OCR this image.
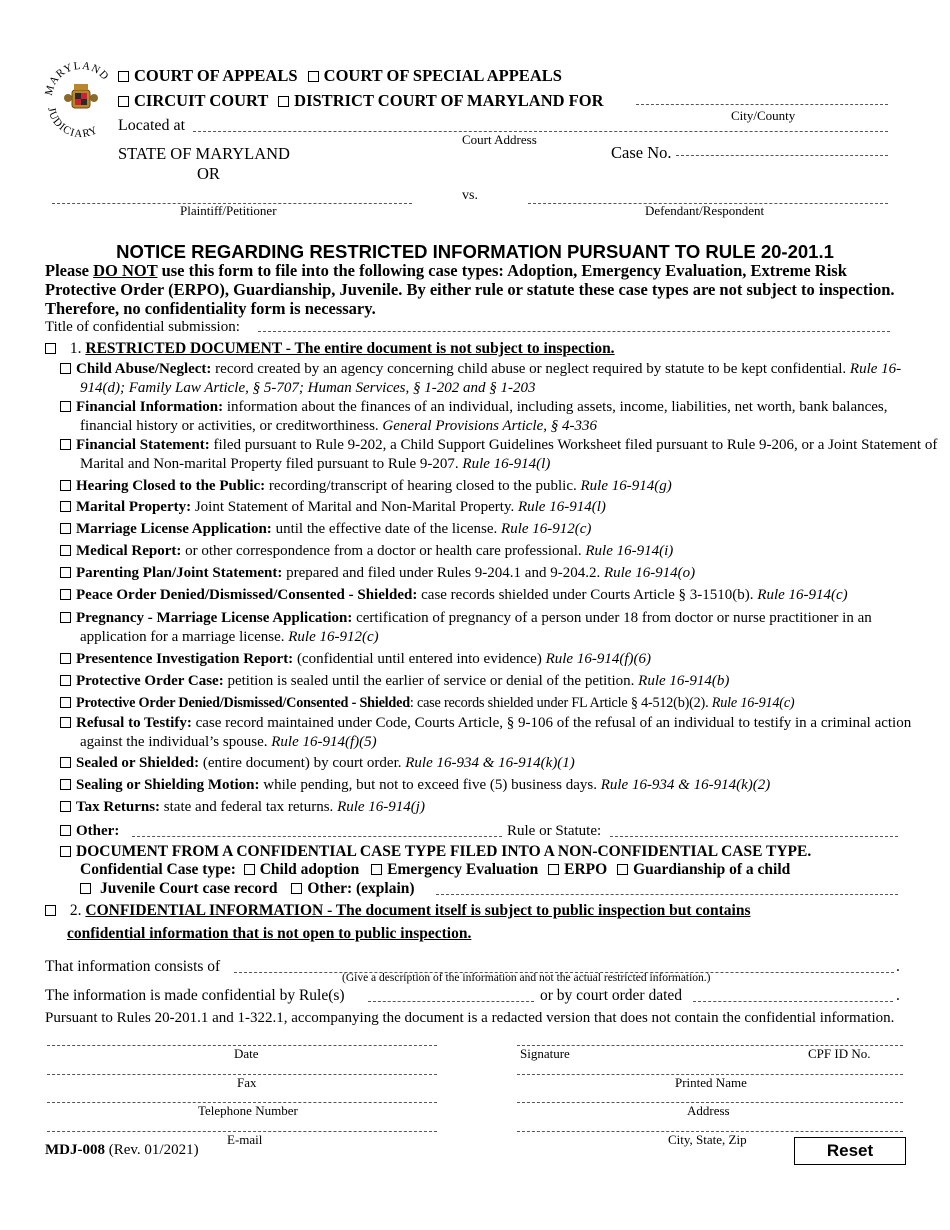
MARYLAND
JUDICIARY
COURT OF APPEALS COURT OF SPECIAL APPEALS
CIRCUIT COURT DISTRICT COURT OF MARYLAND FOR
City/County
Located at
Court Address
STATE OF MARYLAND
OR
Case No.
Plaintiff/Petitioner
vs.
Defendant/Respondent
NOTICE REGARDING RESTRICTED INFORMATION PURSUANT TO RULE 20-201.1
Please DO NOT use this form to file into the following case types: Adoption, Emergency Evaluation, Extreme Risk Protective Order (ERPO), Guardianship, Juvenile. By either rule or statute these case types are not subject to inspection. Therefore, no confidentiality form is necessary.
Title of confidential submission:
1. RESTRICTED DOCUMENT - The entire document is not subject to inspection.
Child Abuse/Neglect: record created by an agency concerning child abuse or neglect required by statute to be kept confidential. Rule 16-914(d); Family Law Article, § 5-707; Human Services, § 1-202 and § 1-203
Financial Information: information about the finances of an individual, including assets, income, liabilities, net worth, bank balances, financial history or activities, or creditworthiness. General Provisions Article, § 4-336
Financial Statement: filed pursuant to Rule 9-202, a Child Support Guidelines Worksheet filed pursuant to Rule 9-206, or a Joint Statement of Marital and Non-marital Property filed pursuant to Rule 9-207. Rule 16-914(l)
Hearing Closed to the Public: recording/transcript of hearing closed to the public. Rule 16-914(g)
Marital Property: Joint Statement of Marital and Non-Marital Property. Rule 16-914(l)
Marriage License Application: until the effective date of the license. Rule 16-912(c)
Medical Report: or other correspondence from a doctor or health care professional. Rule 16-914(i)
Parenting Plan/Joint Statement: prepared and filed under Rules 9-204.1 and 9-204.2. Rule 16-914(o)
Peace Order Denied/Dismissed/Consented - Shielded: case records shielded under Courts Article § 3-1510(b). Rule 16-914(c)
Pregnancy - Marriage License Application: certification of pregnancy of a person under 18 from doctor or nurse practitioner in an application for a marriage license. Rule 16-912(c)
Presentence Investigation Report: (confidential until entered into evidence) Rule 16-914(f)(6)
Protective Order Case: petition is sealed until the earlier of service or denial of the petition. Rule 16-914(b)
Protective Order Denied/Dismissed/Consented - Shielded: case records shielded under FL Article § 4-512(b)(2). Rule 16-914(c)
Refusal to Testify: case record maintained under Code, Courts Article, § 9-106 of the refusal of an individual to testify in a criminal action against the individual’s spouse. Rule 16-914(f)(5)
Sealed or Shielded: (entire document) by court order. Rule 16-934 & 16-914(k)(1)
Sealing or Shielding Motion: while pending, but not to exceed five (5) business days. Rule 16-934 & 16-914(k)(2)
Tax Returns: state and federal tax returns. Rule 16-914(j)
Other:	Rule or Statute:
DOCUMENT FROM A CONFIDENTIAL CASE TYPE FILED INTO A NON-CONFIDENTIAL CASE TYPE.
Confidential Case type: Child adoption Emergency Evaluation ERPO Guardianship of a child
Juvenile Court case record Other: (explain)
2. CONFIDENTIAL INFORMATION - The document itself is subject to public inspection but contains
confidential information that is not open to public inspection.
That information consists of	.
(Give a description of the information and not the actual restricted information.)
The information is made confidential by Rule(s)	or by court order dated	.
Pursuant to Rules 20-201.1 and 1-322.1, accompanying the document is a redacted version that does not contain the confidential information.
Date	Signature	CPF ID No.
Fax	Printed Name
Telephone Number	Address
E-mail	City, State, Zip
MDJ-008 (Rev. 01/2021)	Reset
